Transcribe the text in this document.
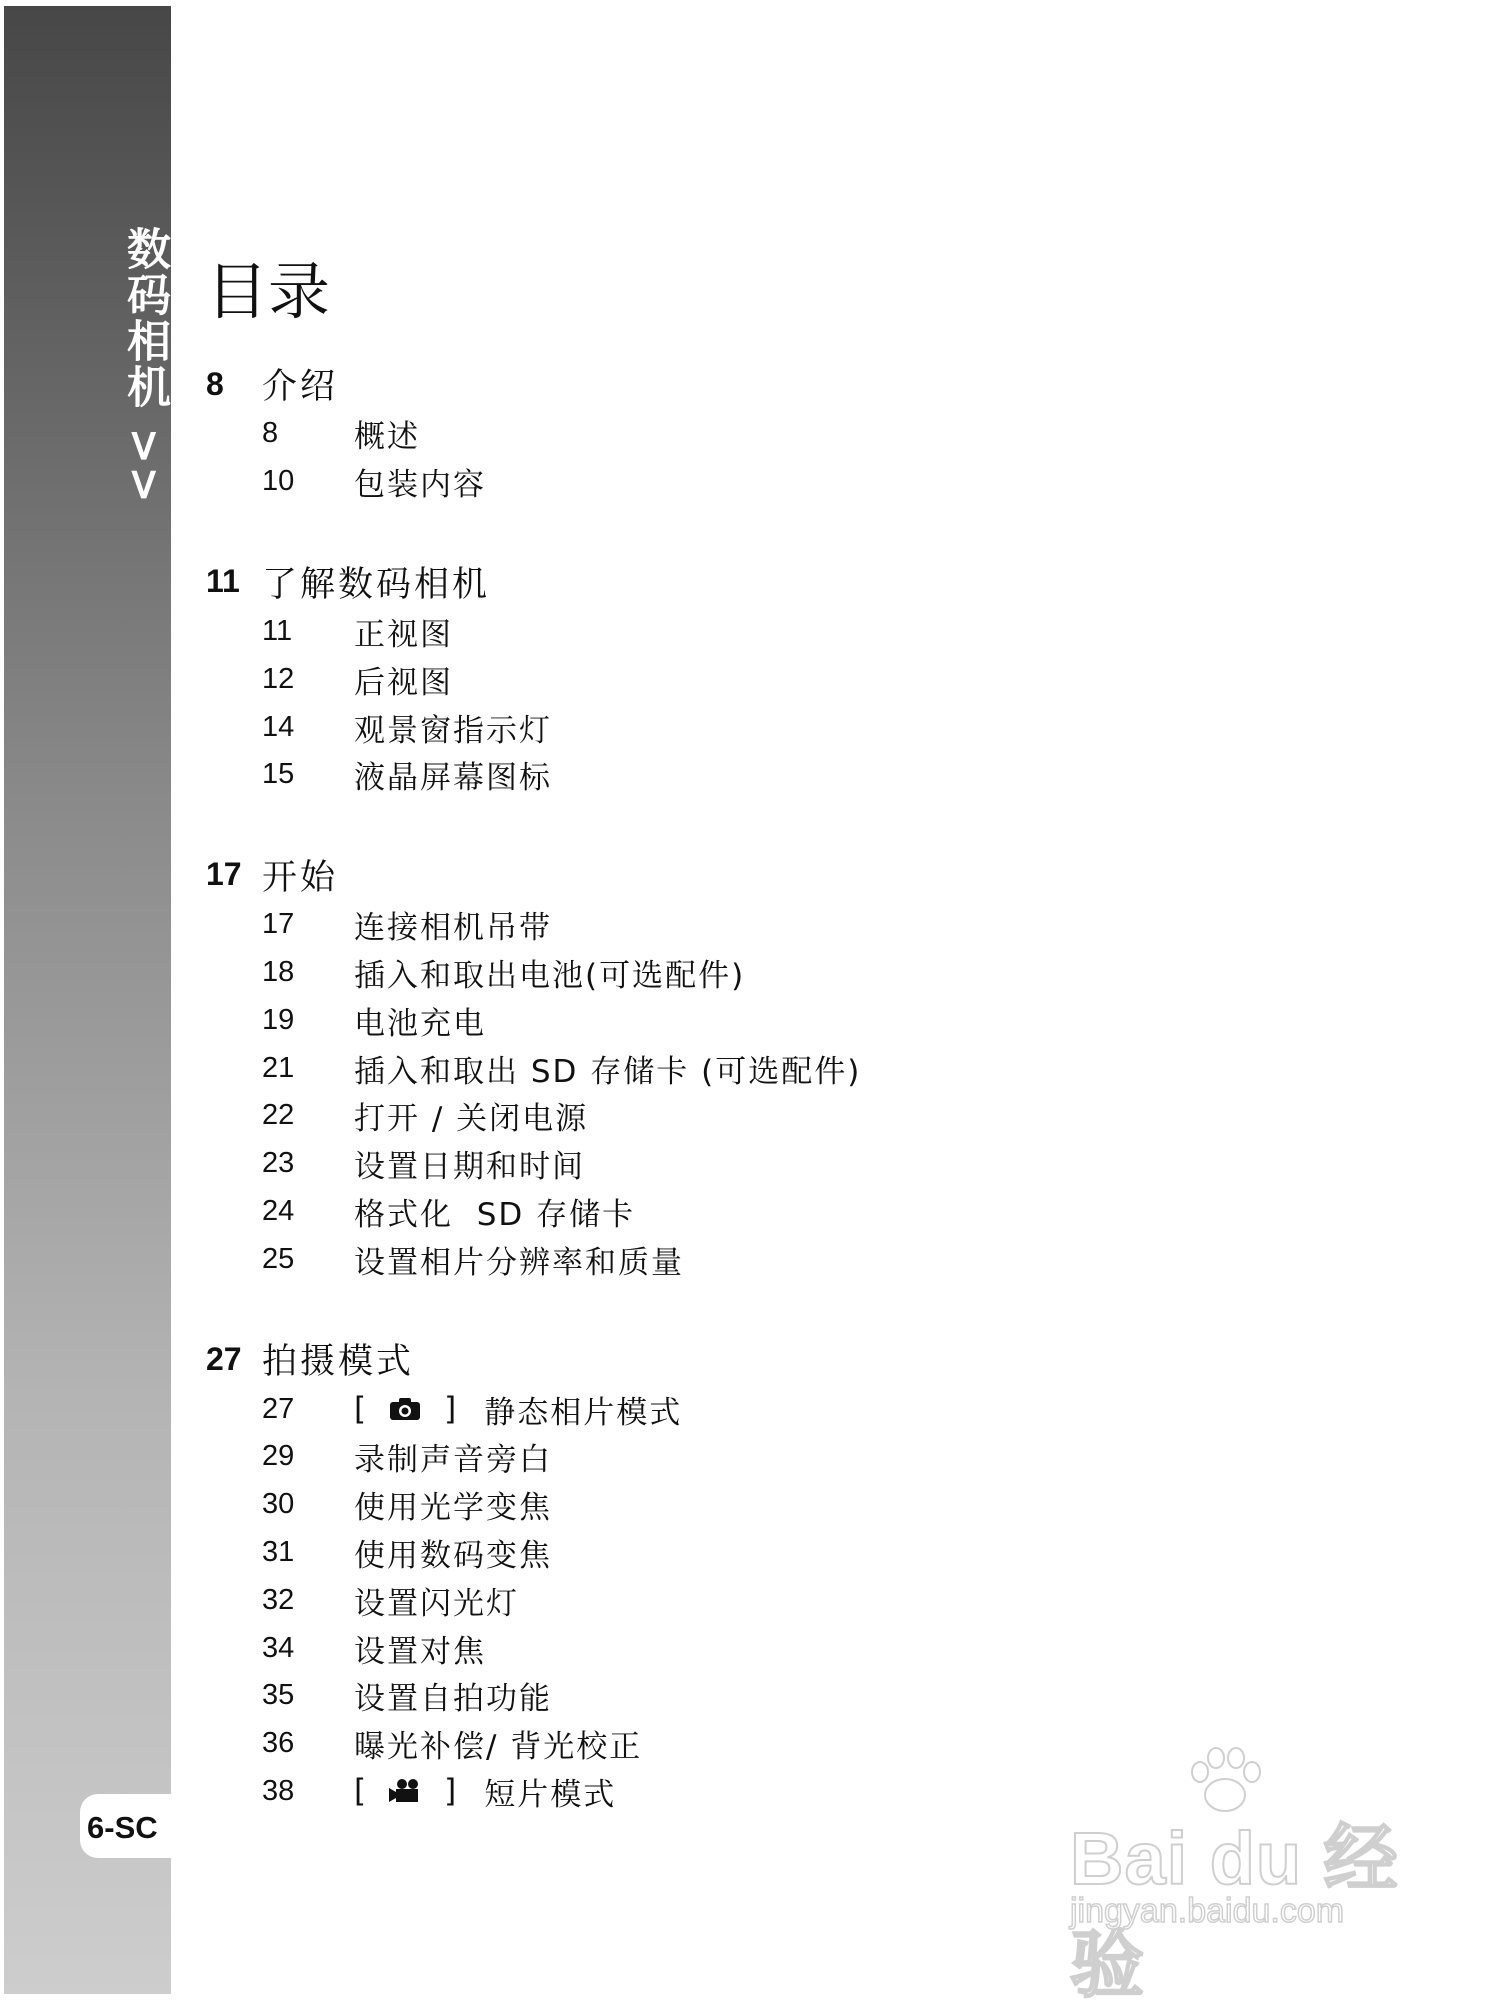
数码相机 >>
6-SC
目录
8	介绍
8	概述
10	包装内容
11 了解数码相机
11	正视图
12	后视图
14	观景窗指示灯
15	液晶屏幕图标
17 开始
17	连接相机吊带
18	插入和取出电池(可选配件)
19	电池充电
21	插入和取出 SD 存储卡 (可选配件)
22	打开 / 关闭电源
23	设置日期和时间
24	格式化  SD 存储卡
25	设置相片分辨率和质量
27 拍摄模式
27	[	] 静态相片模式
29	录制声音旁白
30	使用光学变焦
31	使用数码变焦
32	设置闪光灯
34	设置对焦
35	设置自拍功能
36	曝光补偿/ 背光校正
38	[	] 短片模式
Bai du 经验
jingyan.baidu.com
